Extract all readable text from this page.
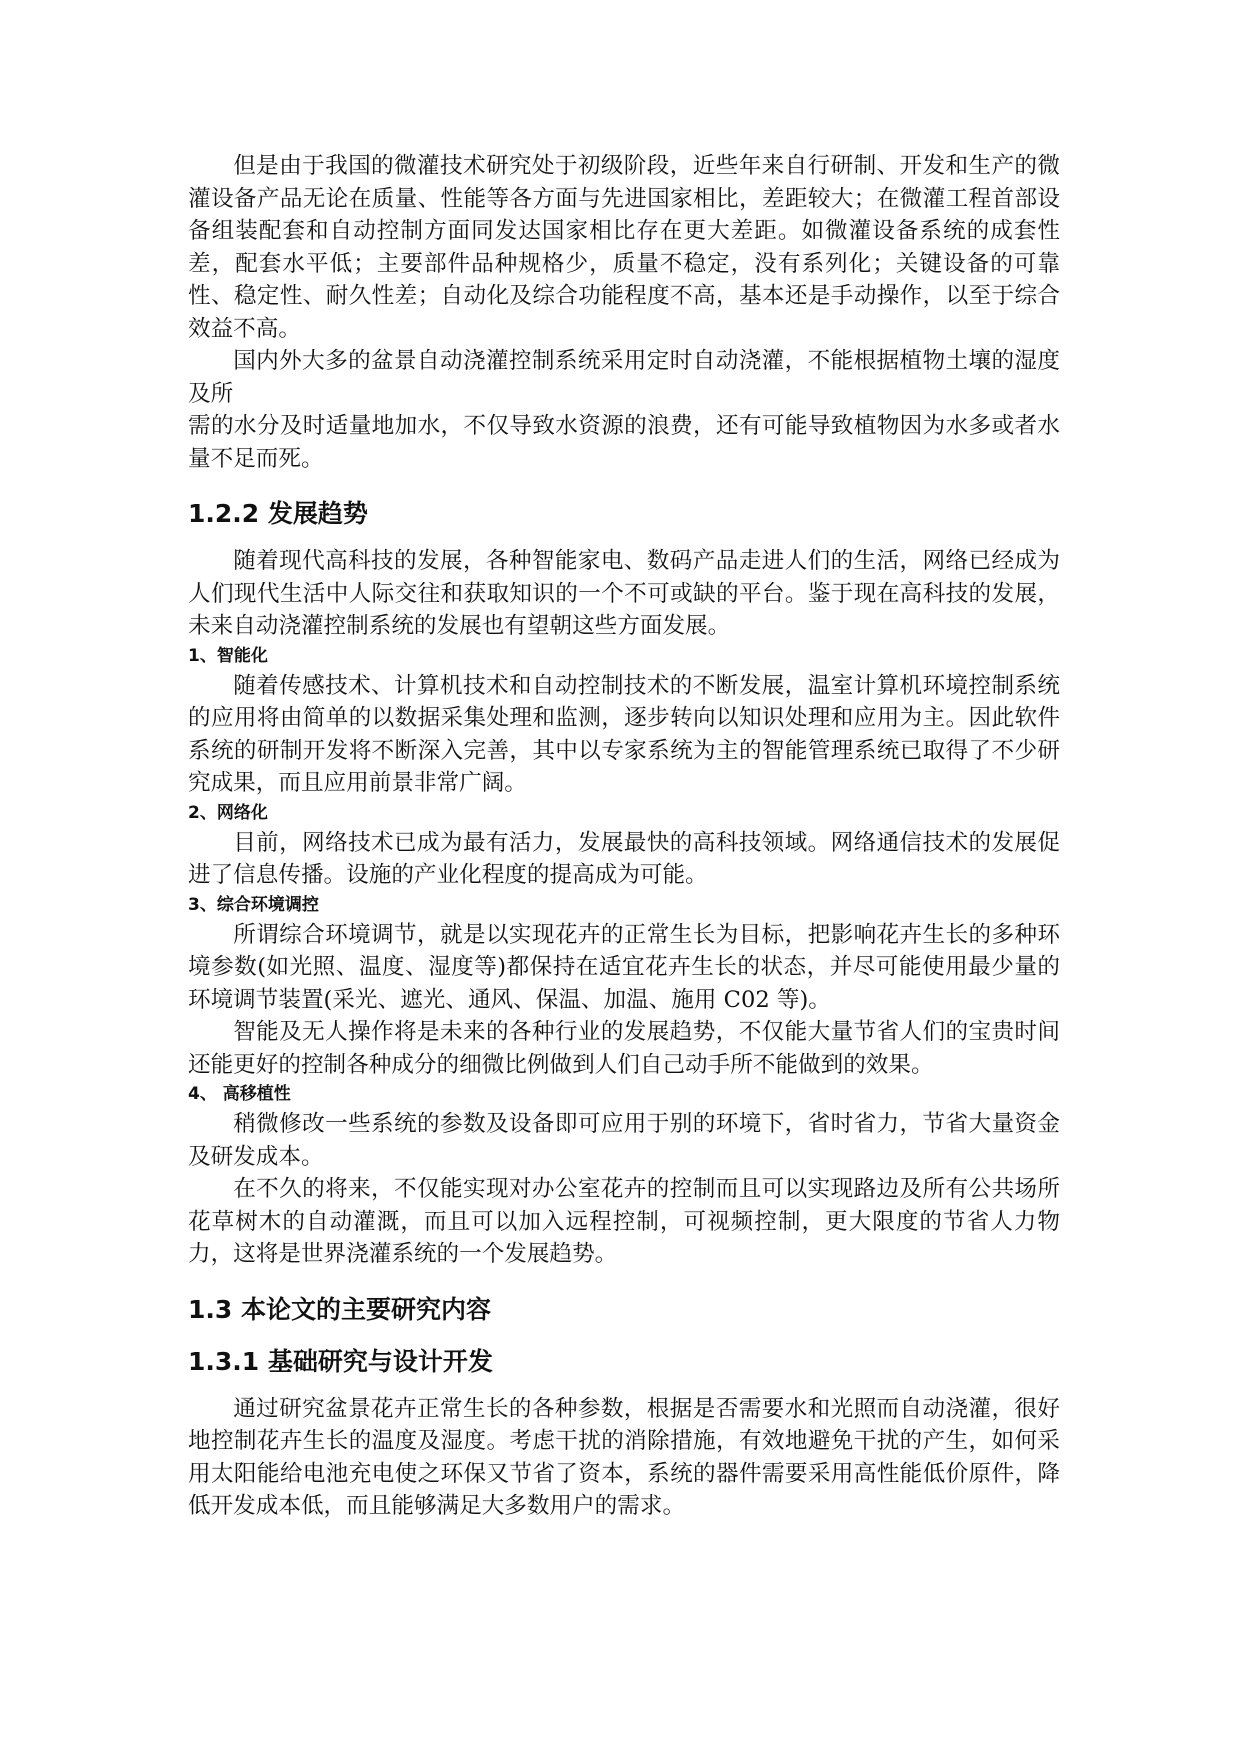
但是由于我国的微灌技术研究处于初级阶段，近些年来自行研制、开发和生产的微灌设备产品无论在质量、性能等各方面与先进国家相比，差距较大；在微灌工程首部设备组装配套和自动控制方面同发达国家相比存在更大差距。如微灌设备系统的成套性差，配套水平低；主要部件品种规格少，质量不稳定，没有系列化；关键设备的可靠性、稳定性、耐久性差；自动化及综合功能程度不高，基本还是手动操作，以至于综合效益不高。

国内外大多的盆景自动浇灌控制系统采用定时自动浇灌，不能根据植物土壤的湿度及所

需的水分及时适量地加水，不仅导致水资源的浪费，还有可能导致植物因为水多或者水量不足而死。

1.2.2 发展趋势

随着现代高科技的发展，各种智能家电、数码产品走进人们的生活，网络已经成为人们现代生活中人际交往和获取知识的一个不可或缺的平台。鉴于现在高科技的发展，未来自动浇灌控制系统的发展也有望朝这些方面发展。

1、智能化

随着传感技术、计算机技术和自动控制技术的不断发展，温室计算机环境控制系统的应用将由简单的以数据采集处理和监测，逐步转向以知识处理和应用为主。因此软件系统的研制开发将不断深入完善，其中以专家系统为主的智能管理系统已取得了不少研究成果，而且应用前景非常广阔。

2、网络化

目前，网络技术已成为最有活力，发展最快的高科技领域。网络通信技术的发展促进了信息传播。设施的产业化程度的提高成为可能。

3、综合环境调控

所谓综合环境调节，就是以实现花卉的正常生长为目标，把影响花卉生长的多种环境参数(如光照、温度、湿度等)都保持在适宜花卉生长的状态，并尽可能使用最少量的环境调节装置(采光、遮光、通风、保温、加温、施用 C02 等)。

智能及无人操作将是未来的各种行业的发展趋势，不仅能大量节省人们的宝贵时间还能更好的控制各种成分的细微比例做到人们自己动手所不能做到的效果。

4、 高移植性

稍微修改一些系统的参数及设备即可应用于别的环境下，省时省力，节省大量资金及研发成本。

在不久的将来，不仅能实现对办公室花卉的控制而且可以实现路边及所有公共场所花草树木的自动灌溉，而且可以加入远程控制，可视频控制，更大限度的节省人力物力，这将是世界浇灌系统的一个发展趋势。

1.3 本论文的主要研究内容
1.3.1 基础研究与设计开发

通过研究盆景花卉正常生长的各种参数，根据是否需要水和光照而自动浇灌，很好地控制花卉生长的温度及湿度。考虑干扰的消除措施，有效地避免干扰的产生，如何采用太阳能给电池充电使之环保又节省了资本，系统的器件需要采用高性能低价原件，降低开发成本低，而且能够满足大多数用户的需求。
